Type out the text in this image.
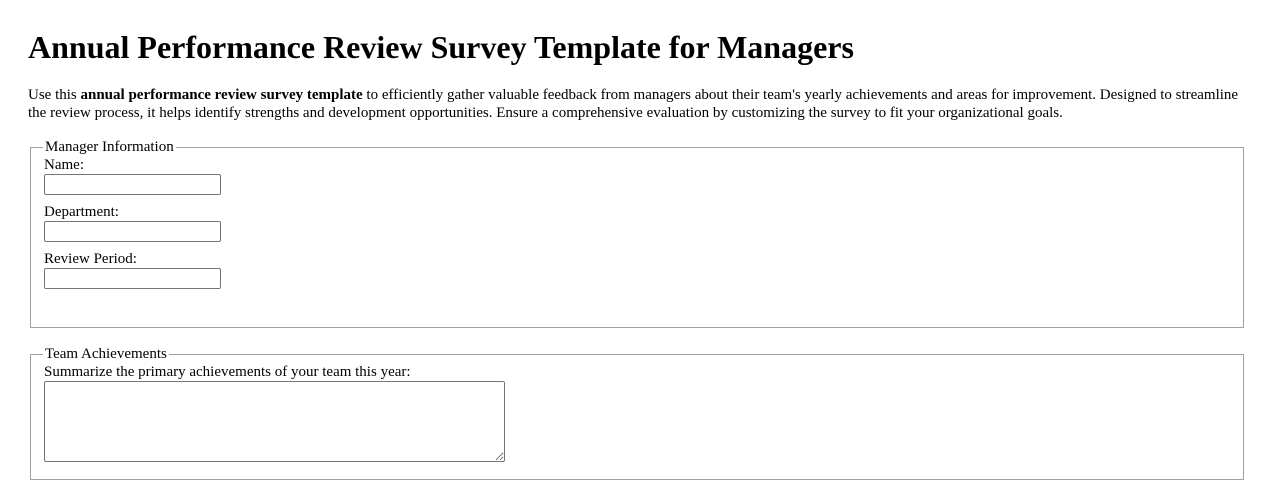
Annual Performance Review Survey Template for Managers

Use this annual performance review survey template to efficiently gather valuable feedback from managers about their team's yearly achievements and areas for improvement. Designed to streamline the review process, it helps identify strengths and development opportunities. Ensure a comprehensive evaluation by customizing the survey to fit your organizational goals.

Manager Information
Name:
Department:
Review Period:
Team Achievements
Summarize the primary achievements of your team this year:
